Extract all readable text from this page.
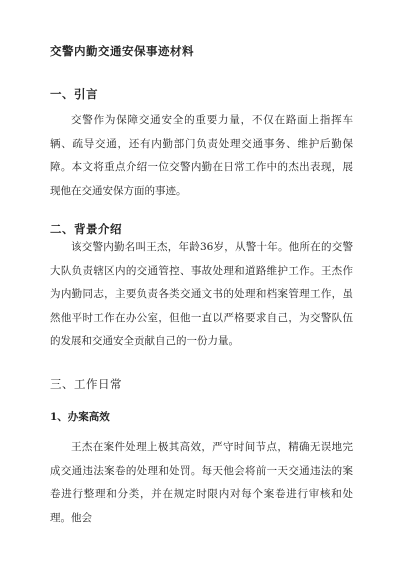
交警内勤交通安保事迹材料
一、引言

交警作为保障交通安全的重要力量，不仅在路面上指挥车辆、疏导交通，还有内勤部门负责处理交通事务、维护后勤保障。本文将重点介绍一位交警内勤在日常工作中的杰出表现，展现他在交通安保方面的事迹。

二、背景介绍

该交警内勤名叫王杰，年龄36岁，从警十年。他所在的交警大队负责辖区内的交通管控、事故处理和道路维护工作。王杰作为内勤同志，主要负责各类交通文书的处理和档案管理工作，虽然他平时工作在办公室，但他一直以严格要求自己，为交警队伍的发展和交通安全贡献自己的一份力量。

三、工作日常
1、办案高效

王杰在案件处理上极其高效，严守时间节点，精确无误地完成交通违法案卷的处理和处罚。每天他会将前一天交通违法的案卷进行整理和分类，并在规定时限内对每个案卷进行审核和处理。他会
